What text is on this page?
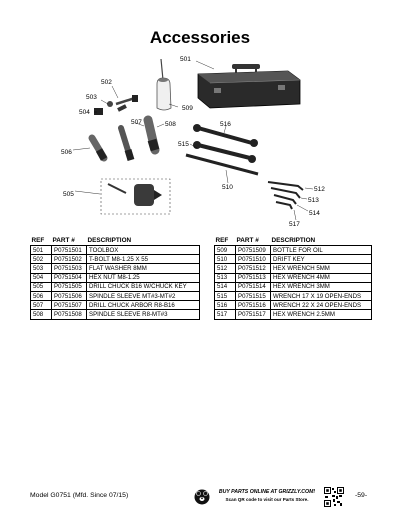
Accessories
501
502
503
504
505
506
507	508
509
510	512
513
514
515
516
517
REF	PART #	DESCRIPTION
501	P0751501	TOOLBOX
502	P0751502	T-BOLT M8-1.25 X 55
503	P0751503	FLAT WASHER 8MM
504	P0751504	HEX NUT M8-1.25
505	P0751505	DRILL CHUCK B16 W/CHUCK KEY
506	P0751506	SPINDLE SLEEVE MT#3-MT#2
507	P0751507	DRILL CHUCK ARBOR R8-B16
508	P0751508	SPINDLE SLEEVE R8-MT#3
REF	PART #	DESCRIPTION
509	P0751509	BOTTLE FOR OIL
510	P0751510	DRIFT KEY
512	P0751512	HEX WRENCH 5MM
513	P0751513	HEX WRENCH 4MM
514	P0751514	HEX WRENCH 3MM
515	P0751515	WRENCH 17 X 19 OPEN-ENDS
516	P0751516	WRENCH 22 X 24 OPEN-ENDS
517	P0751517	HEX WRENCH 2.5MM
Model G0751 (Mfd. Since 07/15)	BUY PARTS ONLINE AT GRIZZLY.COM!
Scan QR code to visit our Parts Store.
-59-
